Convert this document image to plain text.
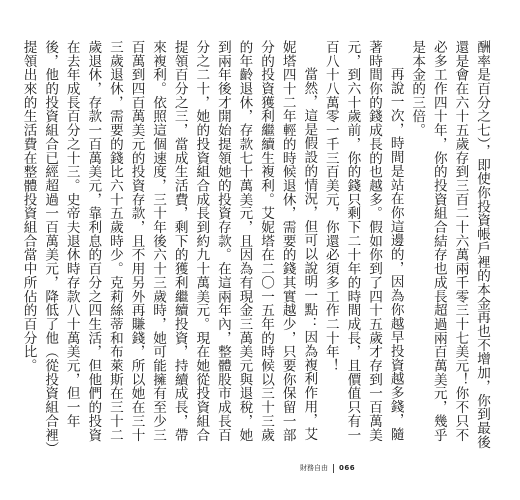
酬率是百分之七），即使你投資帳戶裡的本金再也不增加，你到最後還是會在六十五歲存到三百二十六萬兩千零三十七美元！你不只不必多工作四十年，你的投資組合結存也成長超過兩百萬美元，幾乎是本金的三倍。

再說一次，時間是站在你這邊的，因為你越早投資越多錢，隨著時間你的錢成長的也越多。假如你到了四十五歲才存到一百萬美元，到六十歲前，你的錢只剩下二十年的時間成長，且價值只有一百八十八萬零一千三百美元，你還必須多工作二十年！

當然，這是假設的情況，但可以說明一點：因為複利作用，艾妮塔四十二年輕的時候退休，需要的錢其實越少，只要你保留一部分的投資獲利繼續生複利。艾妮塔在二〇一五年的時候以三十三歲的年齡退休，存款七十萬美元，且因為有現金三萬美元與退稅，她到兩年後才開始提領她的投資存款。在這兩年內，整體股市成長百分之二十，她的投資組合成長到約九十萬美元。現在她從投資組合提領百分之三，當成生活費，剩下的獲利繼續投資，持續成長，帶來複利。依照這個速度，三十年後六十三歲時，她可能擁有至少三百萬到四百萬美元的投資存款，且不用另外再賺錢，所以她在三十三歲退休，需要的錢比六十五歲時少。克莉絲蒂和布萊斯在三十二歲退休，存款一百萬美元，靠利息的百分之四生活，但他們的投資在去年成長百分之十三。史帝夫退休時存款八十萬美元，但一年後，他的投資組合已經超過一百萬美元，降低了他（從投資組合裡）提領出來的生活費在整體投資組合當中所佔的百分比。

財務自由 066
